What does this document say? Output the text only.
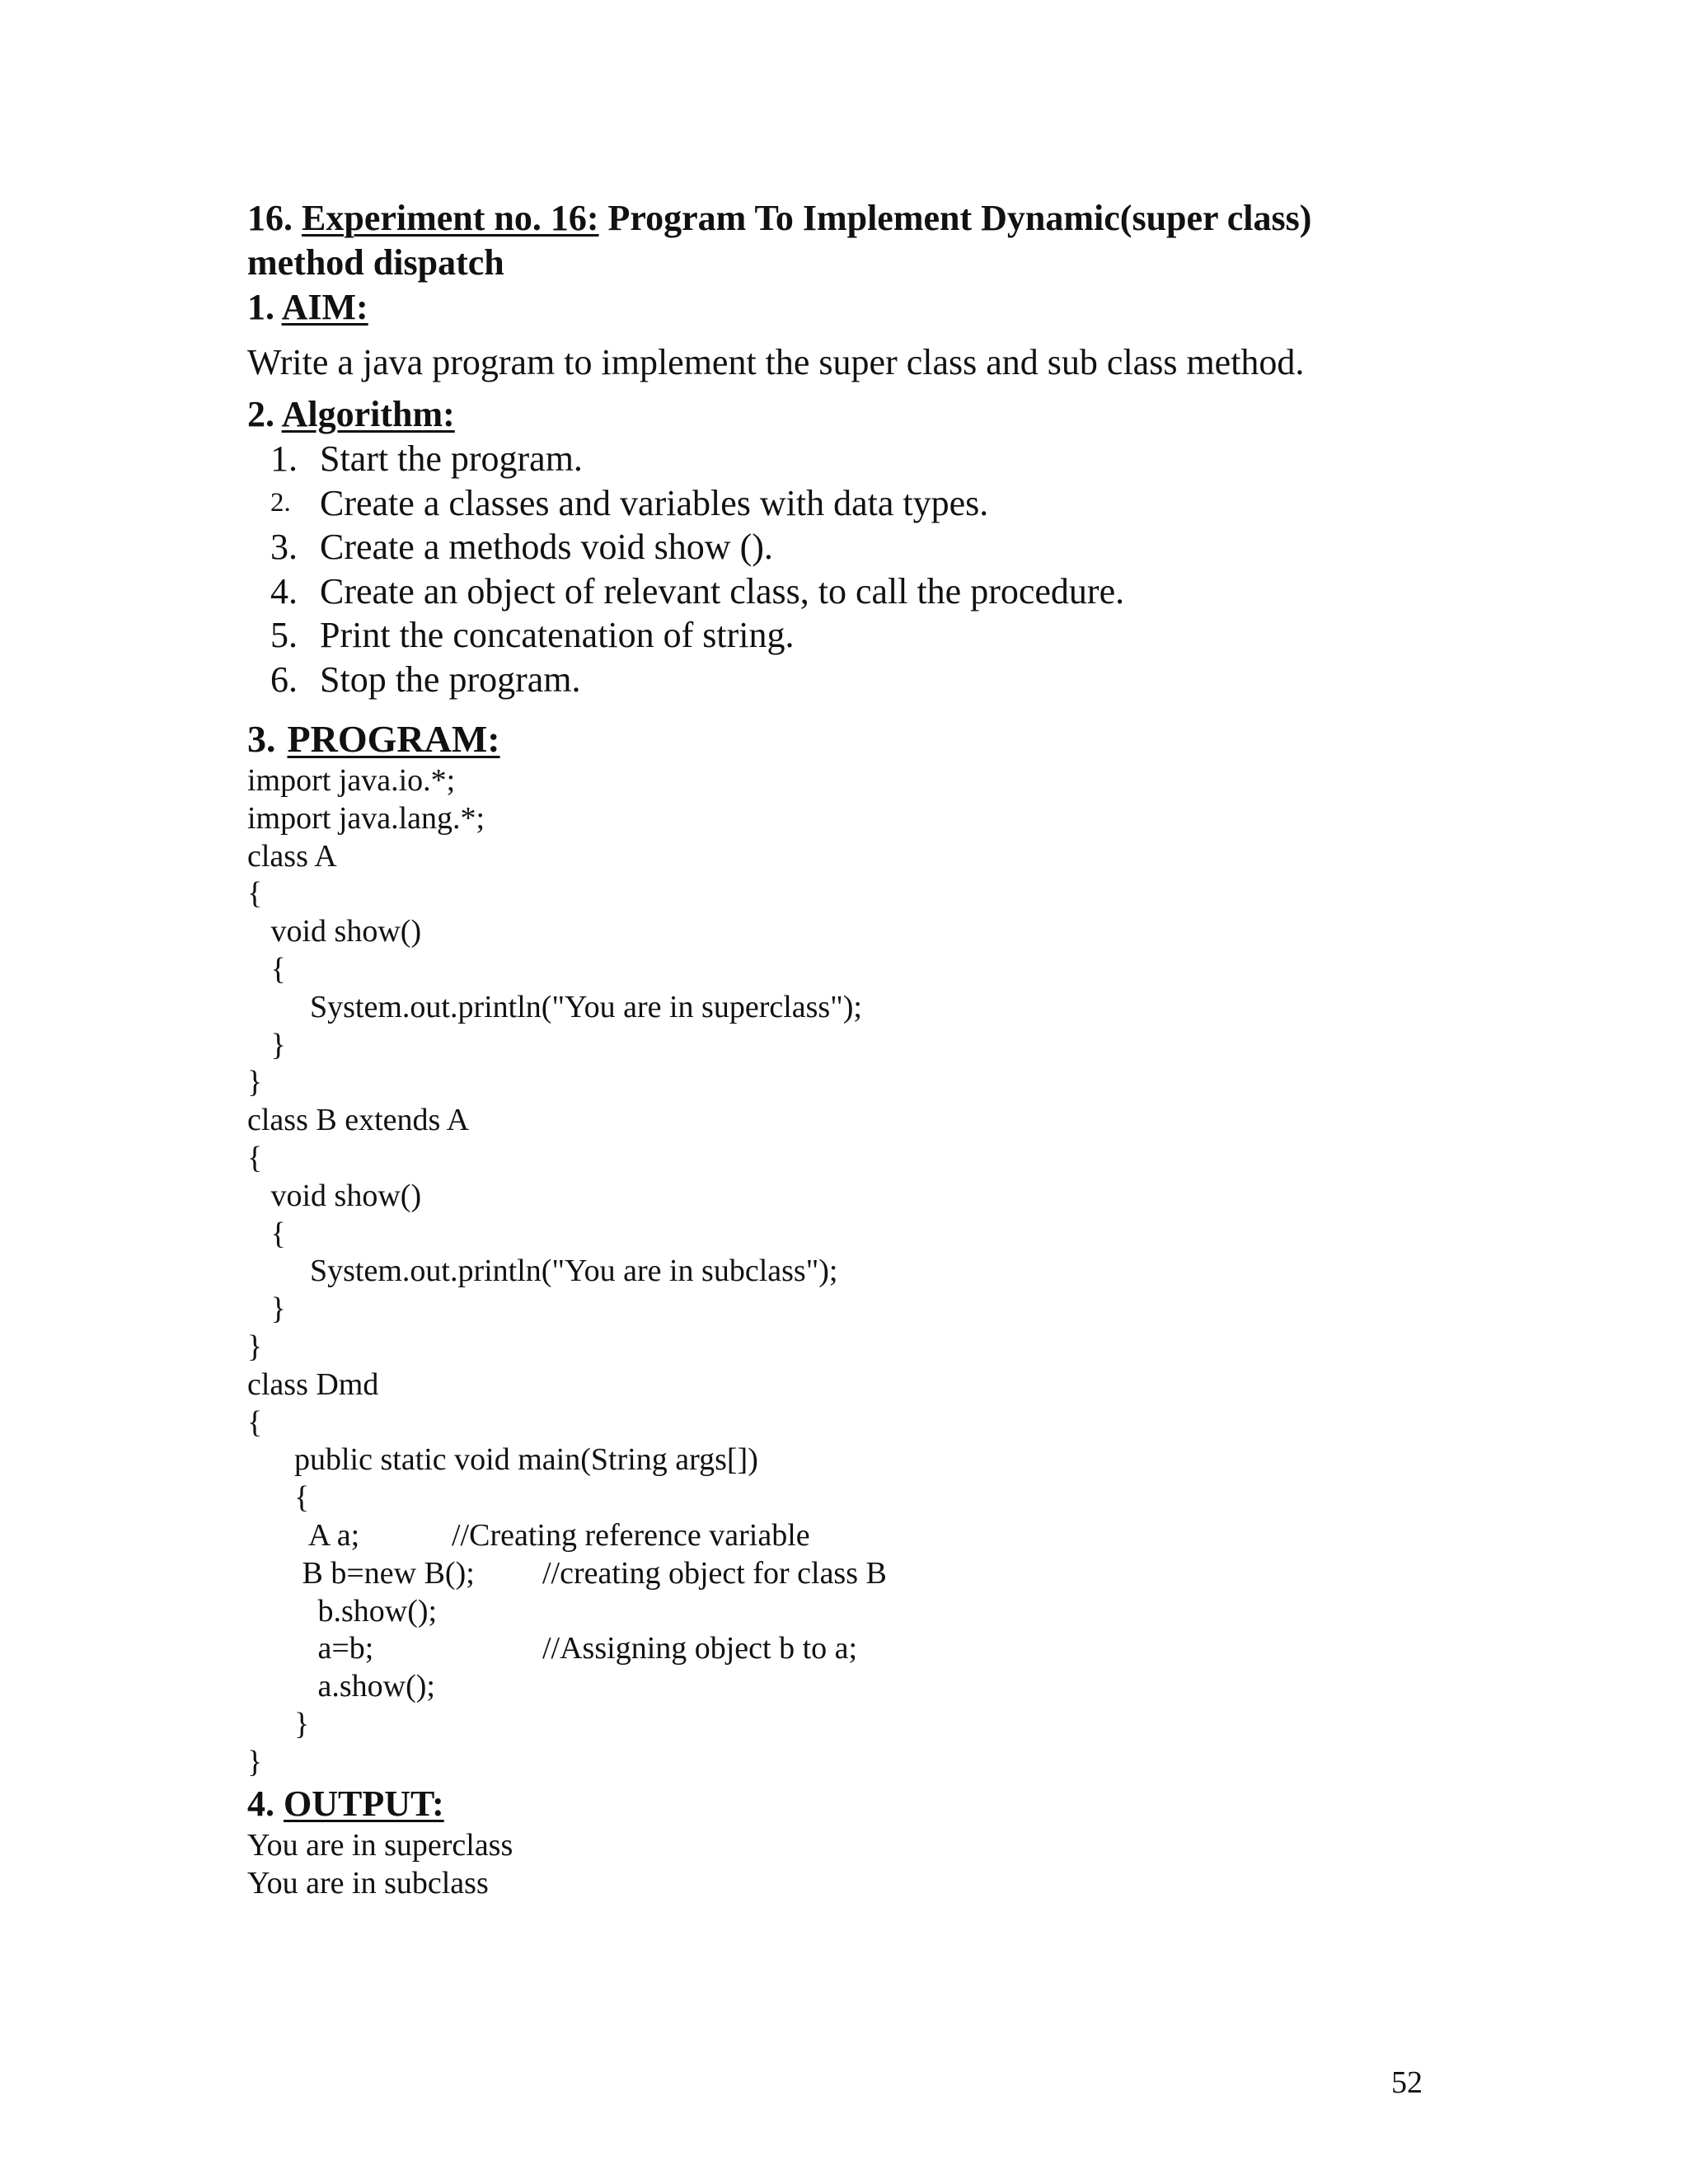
16. Experiment no. 16: Program To Implement Dynamic(super class)
method dispatch
1. AIM:
Write a java program to implement the super class and sub class method.
2. Algorithm:
1. Start the program.
2. Create a classes and variables with data types.
3. Create a methods void show ().
4. Create an object of relevant class, to call the procedure.
5. Print the concatenation of string.
6. Stop the program.
3. PROGRAM:
import java.io.*;
import java.lang.*;
class A
{
void show()
{
System.out.println("You are in superclass");
}
}
class B extends A
{
void show()
{
System.out.println("You are in subclass");
}
}
class Dmd
{
public static void main(String args[])
{
A a;	//Creating reference variable
B b=new B(); //creating object for class B
b.show();
a=b;	//Assigning object b to a;
a.show();
}
}
4. OUTPUT:
You are in superclass
You are in subclass
52
